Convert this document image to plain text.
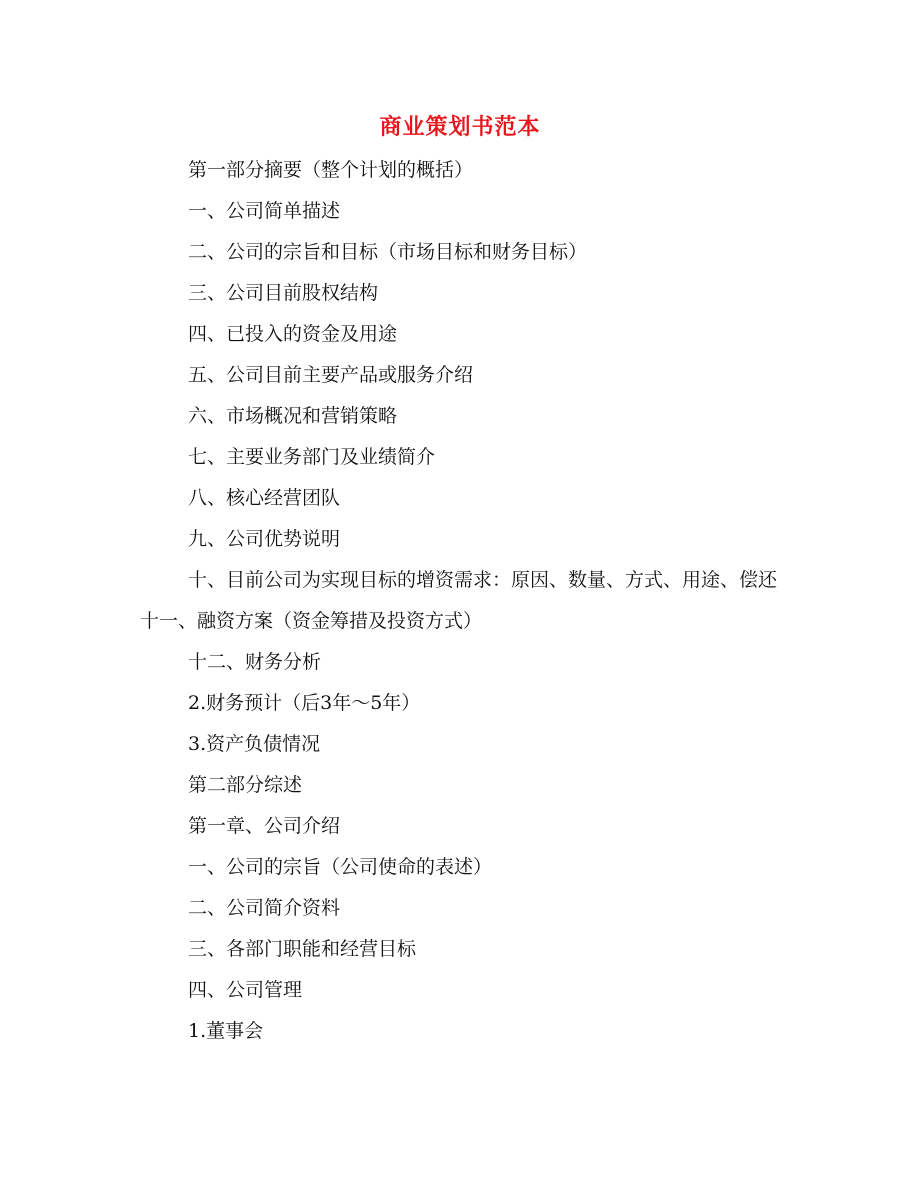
商业策划书范本

第一部分摘要（整个计划的概括）

一、公司简单描述

二、公司的宗旨和目标（市场目标和财务目标）

三、公司目前股权结构

四、已投入的资金及用途

五、公司目前主要产品或服务介绍

六、市场概况和营销策略

七、主要业务部门及业绩简介

八、核心经营团队

九、公司优势说明

十、目前公司为实现目标的增资需求：原因、数量、方式、用途、偿还十一、融资方案（资金筹措及投资方式）

十二、财务分析

2.财务预计（后3年～5年）

3.资产负债情况

第二部分综述

第一章、公司介绍

一、公司的宗旨（公司使命的表述）

二、公司简介资料

三、各部门职能和经营目标

四、公司管理

1.董事会
